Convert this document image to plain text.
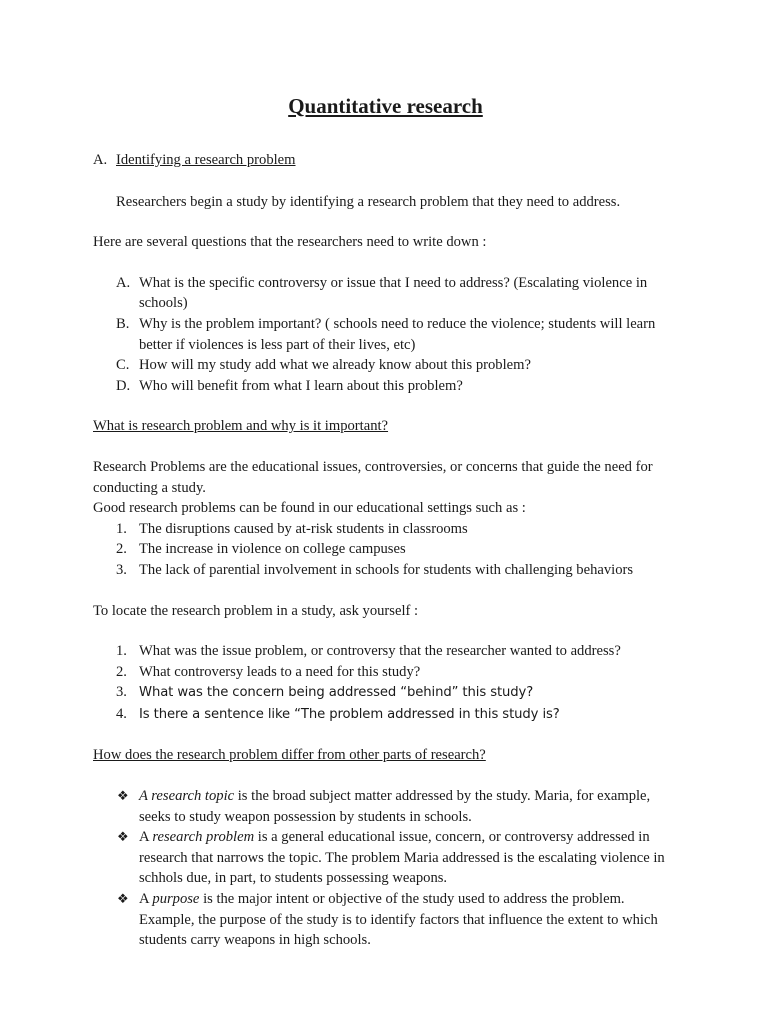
Quantitative research
A. Identifying a research problem

Researchers begin a study by identifying a research problem that they need to address.

Here are several questions that the researchers need to write down :

A. What is the specific controversy or issue that I need to address? (Escalating violence in schools)
B. Why is the problem important? ( schools need to reduce the violence; students will learn better if violences is less part of their lives, etc)
C. How will my study add what we already know about this problem?
D. Who will benefit from what I learn about this problem?

What is research problem and why is it important?

Research Problems are the educational issues, controversies, or concerns that guide the need for conducting a study.

Good research problems can be found in our educational settings such as :

1. The disruptions caused by at-risk students in classrooms
2. The increase in violence on college campuses
3. The lack of parential involvement in schools for students with challenging behaviors

To locate the research problem in a study, ask yourself :

1. What was the issue problem, or controversy that the researcher wanted to address?
2. What controversy leads to a need for this study?
3. What was the concern being addressed “behind” this study?
4. Is there a sentence like “The problem addressed in this study is?

How does the research problem differ from other parts of research?

❖ A research topic is the broad subject matter addressed by the study. Maria, for example, seeks to study weapon possession by students in schools.
❖ A research problem is a general educational issue, concern, or controversy addressed in research that narrows the topic. The problem Maria addressed is the escalating violence in schhols due, in part, to students possessing weapons.
❖ A purpose is the major intent or objective of the study used to address the problem. Example, the purpose of the study is to identify factors that influence the extent to which students carry weapons in high schools.
